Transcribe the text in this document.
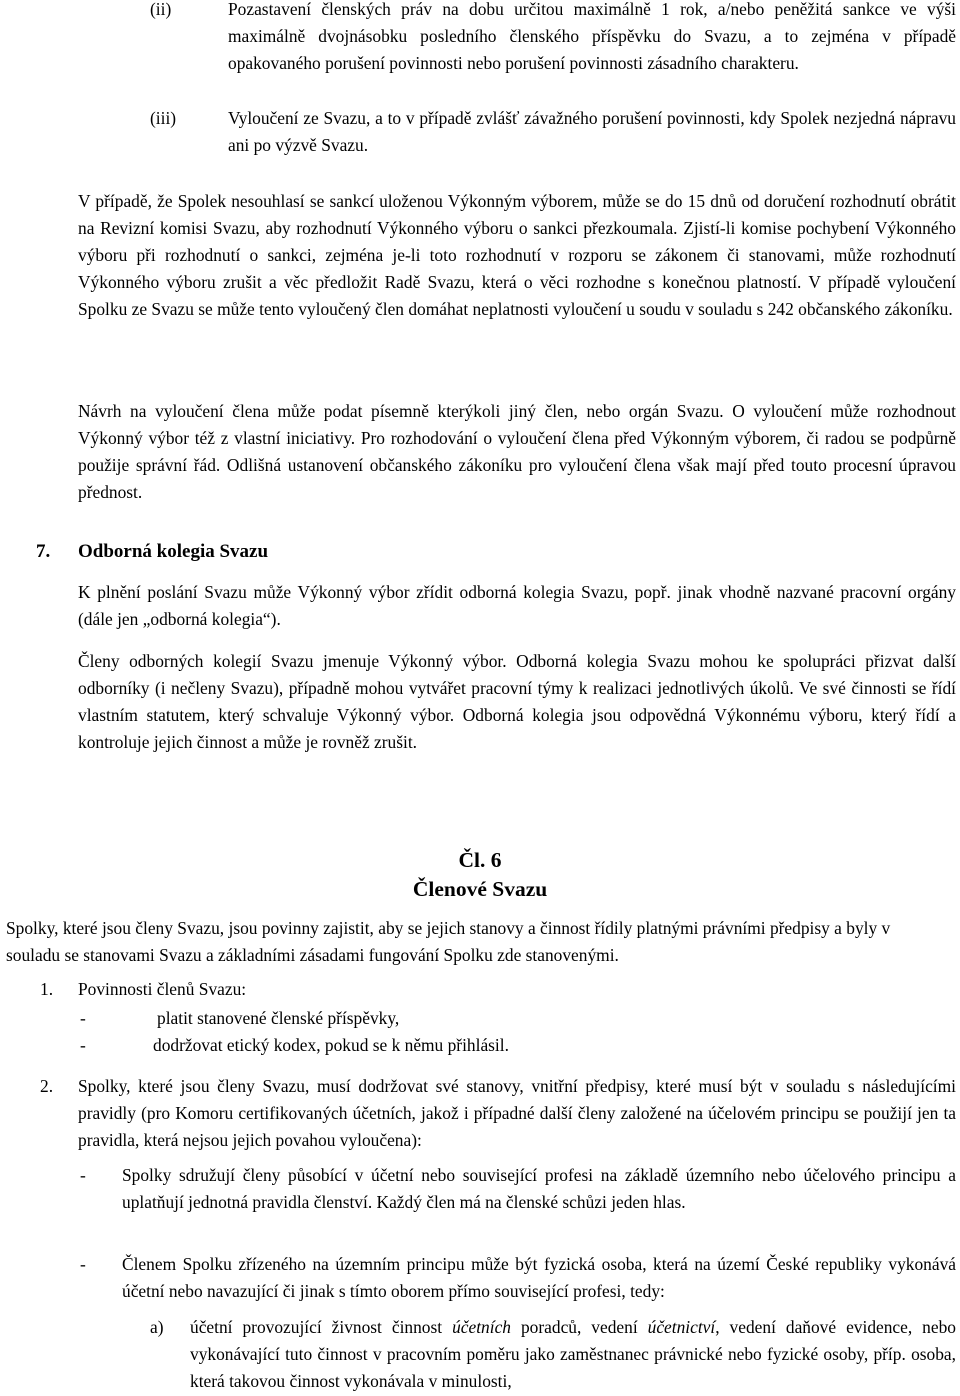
(ii)	Pozastavení členských práv na dobu určitou maximálně 1 rok, a/nebo peněžitá sankce ve výši maximálně dvojnásobku posledního členského příspěvku do Svazu, a to zejména v případě opakovaného porušení povinnosti nebo porušení povinnosti zásadního charakteru.
(iii)	Vyloučení ze Svazu, a to v případě zvlášť závažného porušení povinnosti, kdy Spolek nezjedná nápravu ani po výzvě Svazu.
V případě, že Spolek nesouhlasí se sankcí uloženou Výkonným výborem, může se do 15 dnů od doručení rozhodnutí obrátit na Revizní komisi Svazu, aby rozhodnutí Výkonného výboru o sankci přezkoumala. Zjistí-li komise pochybení Výkonného výboru při rozhodnutí o sankci, zejména je-li toto rozhodnutí v rozporu se zákonem či stanovami, může rozhodnutí Výkonného výboru zrušit a věc předložit Radě Svazu, která o věci rozhodne s konečnou platností. V případě vyloučení Spolku ze Svazu se může tento vyloučený člen domáhat neplatnosti vyloučení u soudu v souladu s 242 občanského zákoníku.
Návrh na vyloučení člena může podat písemně kterýkoli jiný člen, nebo orgán Svazu. O vyloučení může rozhodnout Výkonný výbor též z vlastní iniciativy. Pro rozhodování o vyloučení člena před Výkonným výborem, či radou se podpůrně použije správní řád. Odlišná ustanovení občanského zákoníku pro vyloučení člena však mají před touto procesní úpravou přednost.
7. Odborná kolegia Svazu
K plnění poslání Svazu může Výkonný výbor zřídit odborná kolegia Svazu, popř. jinak vhodně nazvané pracovní orgány (dále jen „odborná kolegia“).
Členy odborných kolegií Svazu jmenuje Výkonný výbor. Odborná kolegia Svazu mohou ke spolupráci přizvat další odborníky (i nečleny Svazu), případně mohou vytvářet pracovní týmy k realizaci jednotlivých úkolů. Ve své činnosti se řídí vlastním statutem, který schvaluje Výkonný výbor. Odborná kolegia jsou odpovědná Výkonnému výboru, který řídí a kontroluje jejich činnost a může je rovněž zrušit.
Čl. 6
Členové Svazu
Spolky, které jsou členy Svazu, jsou povinny zajistit, aby se jejich stanovy a činnost řídily platnými právními předpisy a byly v souladu se stanovami Svazu a základními zásadami fungování Spolku zde stanovenými.
1. Povinnosti členů Svazu:
-	platit stanovené členské příspěvky,
-	dodržovat etický kodex, pokud se k němu přihlásil.
2. Spolky, které jsou členy Svazu, musí dodržovat své stanovy, vnitřní předpisy, které musí být v souladu s následujícími pravidly (pro Komoru certifikovaných účetních, jakož i případné další členy založené na účelovém principu se použijí jen ta pravidla, která nejsou jejich povahou vyloučena):
- Spolky sdružují členy působící v účetní nebo související profesi na základě územního nebo účelového principu a uplatňují jednotná pravidla členství. Každý člen má na členské schůzi jeden hlas.
- Členem Spolku zřízeného na územním principu může být fyzická osoba, která na území České republiky vykonává účetní nebo navazující či jinak s tímto oborem přímo související profesi, tedy:
a) účetní provozující živnost činnost účetních poradců, vedení účetnictví, vedení daňové evidence, nebo vykonávající tuto činnost v pracovním poměru jako zaměstnanec právnické nebo fyzické osoby, příp. osoba, která takovou činnost vykonávala v minulosti,
